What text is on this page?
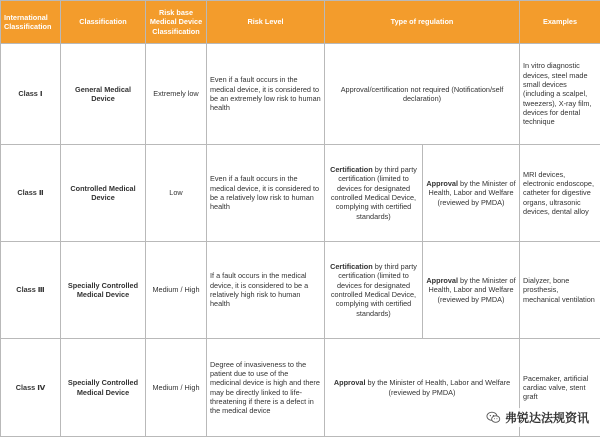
International Classification	Classification	Risk base Medical Device Classification	Risk Level	Type of regulation		Examples
Class Ⅰ	General Medical Device	Extremely low	Even if a fault occurs in the medical device, it is considered to be an extremely low risk to human health	Approval/certification not required (Notification/self declaration)		In vitro diagnostic devices, steel made small devices (including a scalpel, tweezers), X-ray film, devices for dental technique
Class Ⅱ	Controlled Medical Device	Low	Even if a fault occurs in the medical device, it is considered to be a relatively low risk to human health	Certification by third party certification (limited to devices for designated controlled Medical Device, complying with certified standards)	Approval by the Minister of Health, Labor and Welfare (reviewed by PMDA)	MRI devices, electronic endoscope, catheter for digestive organs, ultrasonic devices, dental alloy
Class Ⅲ	Specially Controlled Medical Device	Medium / High	If a fault occurs in the medical device, it is considered to be a relatively high risk to human health	Certification by third party certification (limited to devices for designated controlled Medical Device, complying with certified standards)	Approval by the Minister of Health, Labor and Welfare (reviewed by PMDA)	Dialyzer, bone prosthesis, mechanical ventilation
Class Ⅳ	Specially Controlled Medical Device	Medium / High	Degree of invasiveness to the patient due to use of the medicinal device is high and there may be directly linked to life-threatening if there is a defect in the medical device	Approval by the Minister of Health, Labor and Welfare (reviewed by PMDA)		Pacemaker, artificial cardiac valve, stent graft
弗锐达法规资讯
